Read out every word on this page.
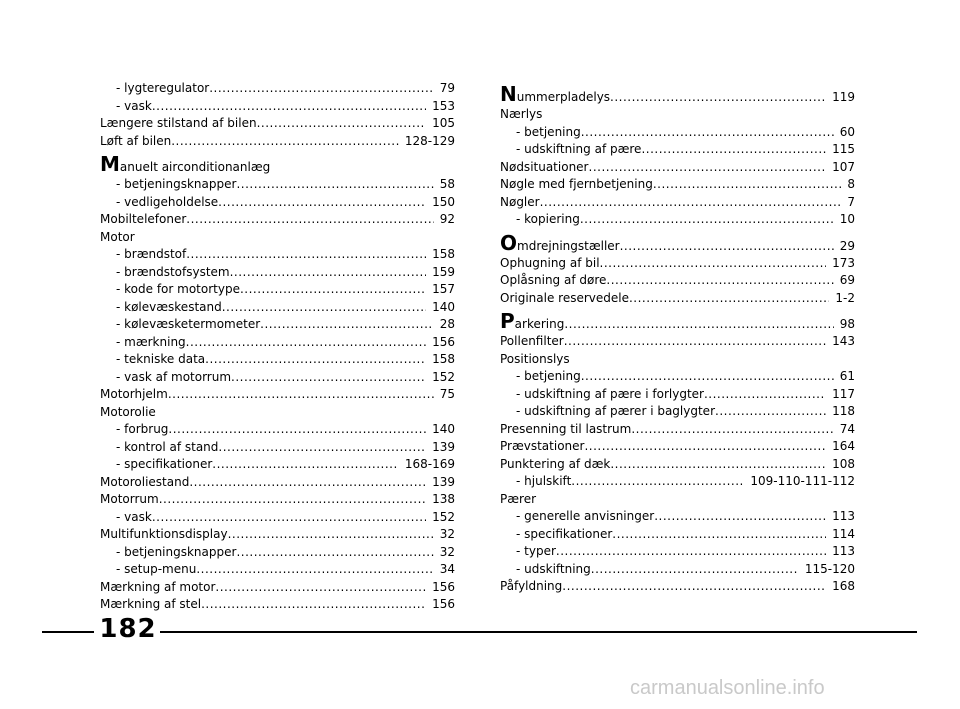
- lygteregulator .....	79
- vask .....	153
Længere stilstand af bilen .....	105
Løft af bilen .....	128-129
Manuelt airconditionanlæg
- betjeningsknapper .....	58
- vedligeholdelse .....	150
Mobiltelefoner .....	92
Motor
- brændstof .....	158
- brændstofsystem .....	159
- kode for motortype .....	157
- kølevæskestand .....	140
- kølevæsketermometer .....	28
- mærkning .....	156
- tekniske data .....	158
- vask af motorrum .....	152
Motorhjelm .....	75
Motorolie
- forbrug .....	140
- kontrol af stand .....	139
- specifikationer .....	168-169
Motoroliestand .....	139
Motorrum .....	138
- vask .....	152
Multifunktionsdisplay .....	32
- betjeningsknapper .....	32
- setup-menu .....	34
Mærkning af motor .....	156
Mærkning af stel .....	156
Nummerpladelys .....	119
Nærlys
- betjening .....	60
- udskiftning af pære .....	115
Nødsituationer .....	107
Nøgle med fjernbetjening .....	8
Nøgler .....	7
- kopiering .....	10
Omdrejningstæller .....	29
Ophugning af bil .....	173
Oplåsning af døre .....	69
Originale reservedele .....	1-2
Parkering .....	98
Pollenfilter .....	143
Positionslys
- betjening .....	61
- udskiftning af pære i forlygter .....	117
- udskiftning af pærer i baglygter .....	118
Presenning til lastrum .....	74
Prævstationer .....	164
Punktering af dæk .....	108
- hjulskift .....	109-110-111-112
Pærer
- generelle anvisninger .....	113
- specifikationer .....	114
- typer .....	113
- udskiftning .....	115-120
Påfyldning .....	168
182
carmanualsonline.info
